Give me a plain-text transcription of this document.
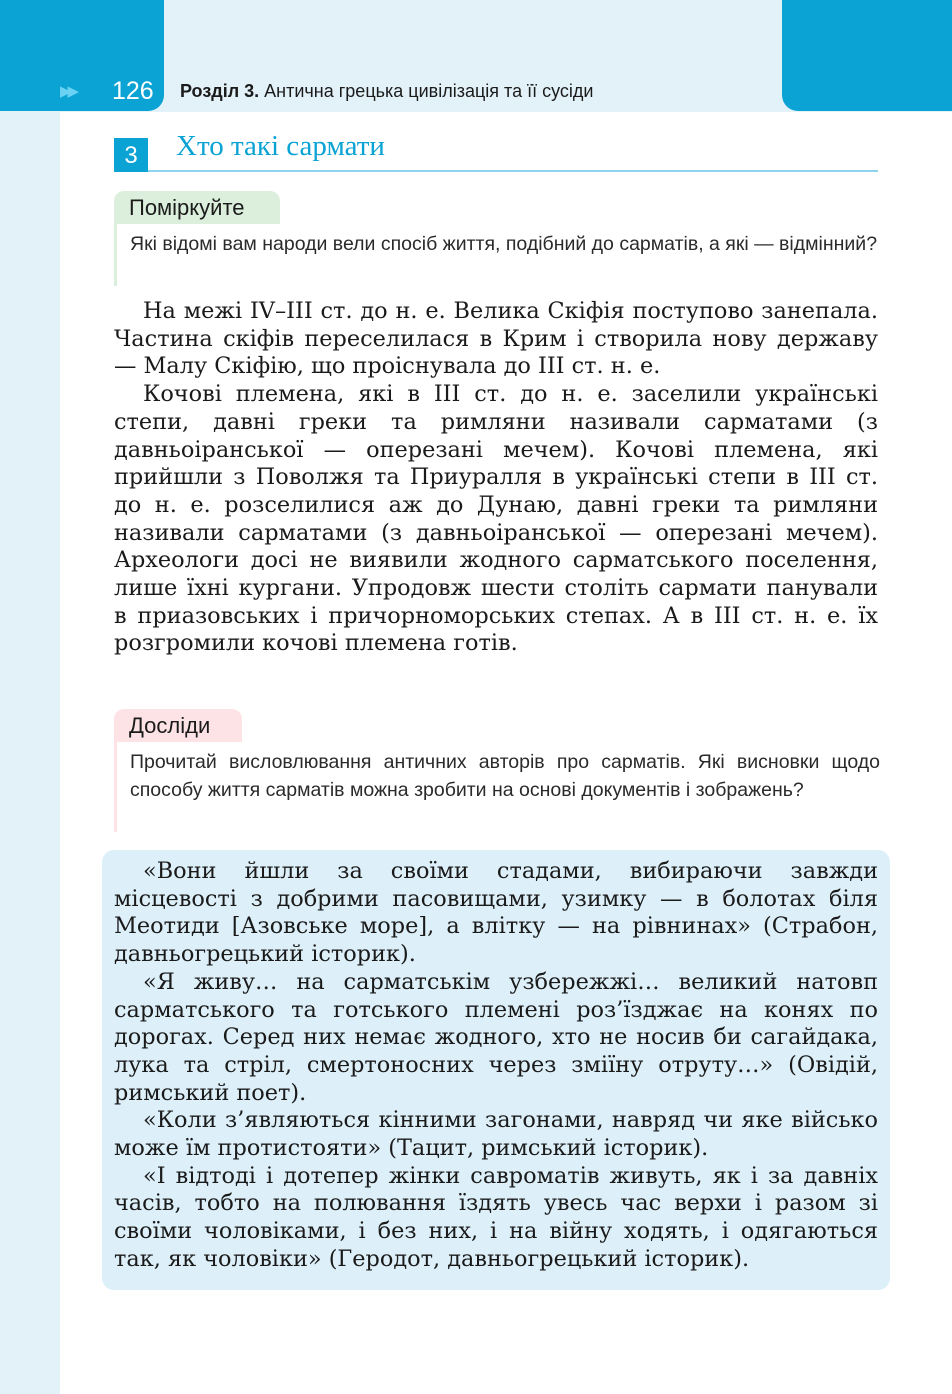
▶▶ 126 Розділ 3. Антична грецька цивілізація та її сусіди
3	Хто такі сармати
Поміркуйте
Які відомі вам народи вели спосіб життя, подібний до сарматів, а які — відмінний?

На межі IV–III ст. до н. е. Велика Скіфія поступово занепала. Частина скіфів переселилася в Крим і створила нову державу — Малу Скіфію, що проіснувала до III ст. н. е.

Кочові племена, які в III ст. до н. е. заселили українські степи, давні греки та римляни називали сарматами (з давньоіранської — оперезані мечем). Кочові племена, які прийшли з Поволжя та Приуралля в українські степи в III ст. до н. е. розселилися аж до Дунаю, давні греки та римляни називали сарматами (з давньоіранської — оперезані мечем). Археологи досі не виявили жодного сарматського поселення, лише їхні кургани. Упродовж шести століть сармати панували в приазовських і причорноморських степах. А в III ст. н. е. їх розгромили кочові племена готів.

Досліди
Прочитай висловлювання античних авторів про сарматів. Які висновки щодо способу життя сарматів можна зробити на основі документів і зображень?

«Вони йшли за своїми стадами, вибираючи завжди місцевості з добрими пасовищами, узимку — в болотах біля Меотиди [Азовське море], а влітку — на рівнинах» (Страбон, давньогрецький історик).

«Я живу… на сарматськім узбережжі… великий натовп сарматського та готського племені роз’їзджає на конях по дорогах. Серед них немає жодного, хто не носив би сагайдака, лука та стріл, смертоносних через зміїну отруту…» (Овідій, римський поет).

«Коли з’являються кінними загонами, навряд чи яке військо може їм протистояти» (Тацит, римський історик).

«І відтоді і дотепер жінки савроматів живуть, як і за давніх часів, тобто на полювання їздять увесь час верхи і разом зі своїми чоловіками, і без них, і на війну ходять, і одягаються так, як чоловіки» (Геродот, давньогрецький історик).
